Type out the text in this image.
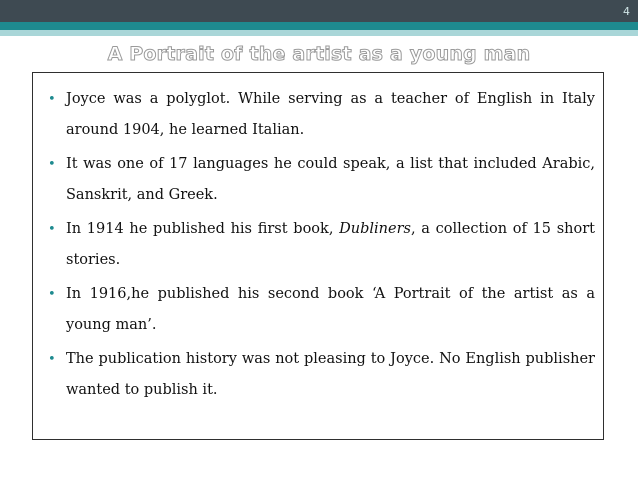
4
A Portrait of the artist as a young man
• Joyce was a polyglot. While serving as a teacher of English in Italy around 1904, he learned Italian.
• It was one of 17 languages he could speak, a list that included Arabic, Sanskrit, and Greek.
• In 1914 he published his first book, Dubliners, a collection of 15 short stories.
• In 1916,he published his second book ‘A Portrait of the artist as a young man’.
• The publication history was not pleasing to Joyce. No English publisher wanted to publish it.
